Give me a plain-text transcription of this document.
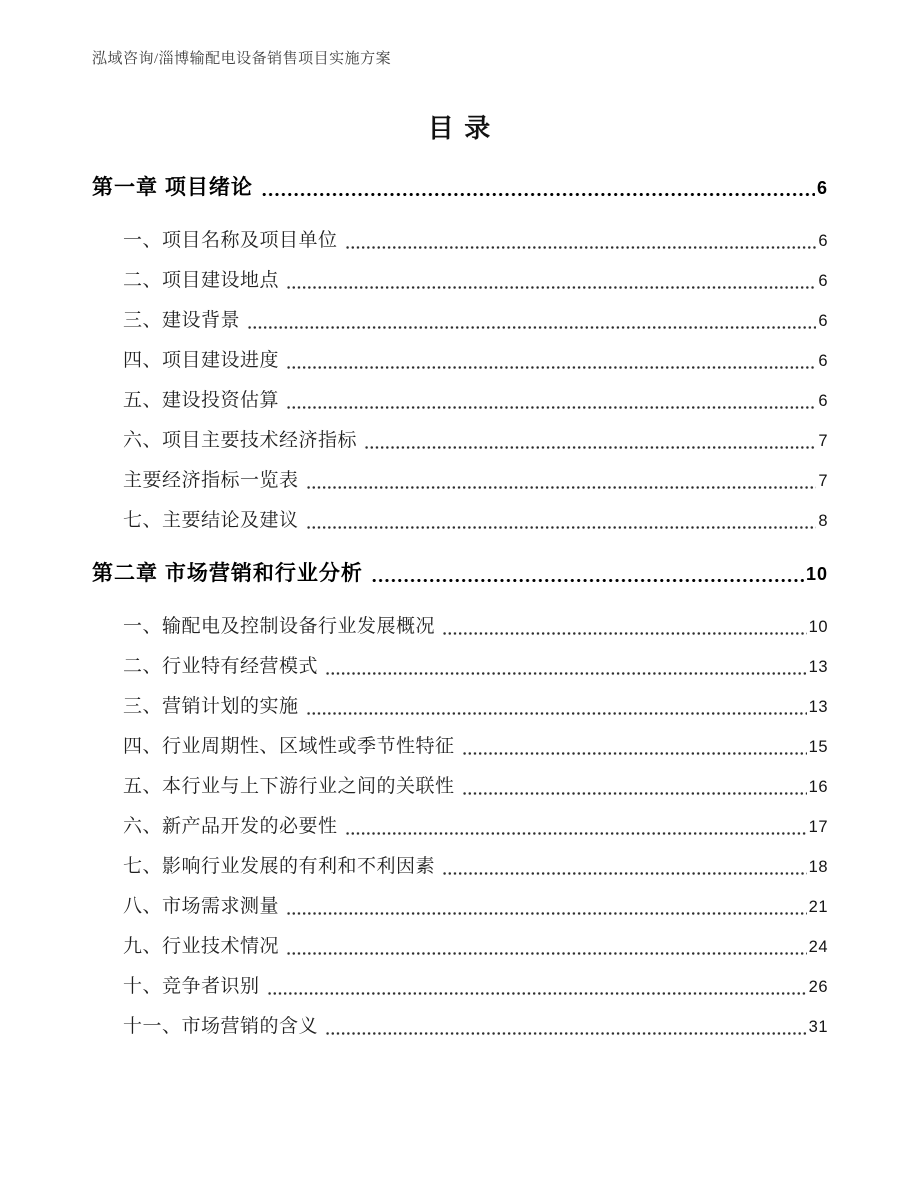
泓域咨询/淄博输配电设备销售项目实施方案
目 录
第一章 项目绪论	6
一、项目名称及项目单位	6
二、项目建设地点	6
三、建设背景	6
四、项目建设进度	6
五、建设投资估算	6
六、项目主要技术经济指标	7
主要经济指标一览表	7
七、主要结论及建议	8
第二章 市场营销和行业分析	10
一、输配电及控制设备行业发展概况	10
二、行业特有经营模式	13
三、营销计划的实施	13
四、行业周期性、区域性或季节性特征	15
五、本行业与上下游行业之间的关联性	16
六、新产品开发的必要性	17
七、影响行业发展的有利和不利因素	18
八、市场需求测量	21
九、行业技术情况	24
十、竞争者识别	26
十一、市场营销的含义	31
